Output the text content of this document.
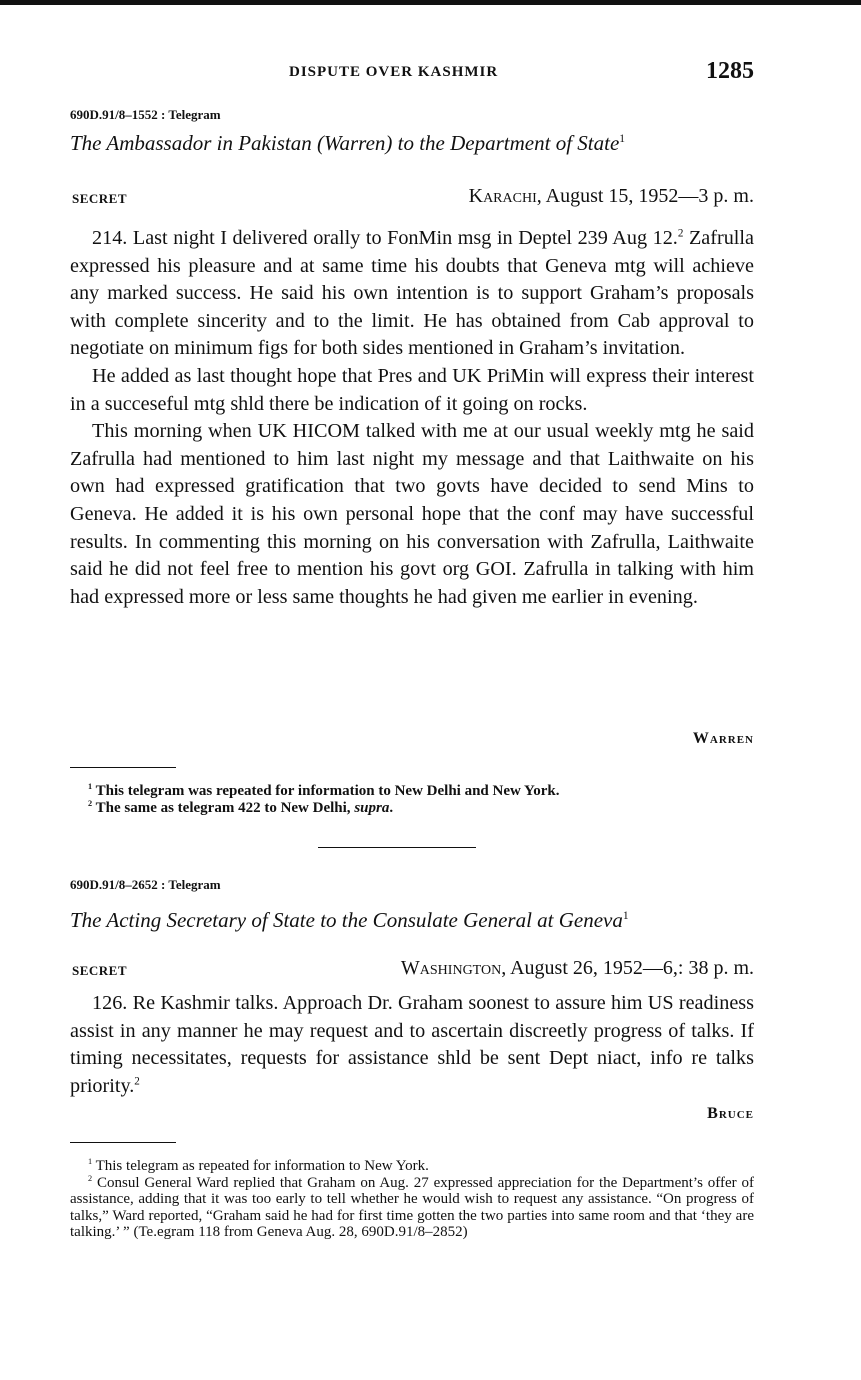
DISPUTE OVER KASHMIR	1285
690D.91/8–1552 : Telegram
The Ambassador in Pakistan (Warren) to the Department of State$^1$
SECRET	Karachi, August 15, 1952—3 p. m.

214. Last night I delivered orally to FonMin msg in Deptel 239 Aug 12.$^2$ Zafrulla expressed his pleasure and at same time his doubts that Geneva mtg will achieve any marked success. He said his own intention is to support Graham’s proposals with complete sincerity and to the limit. He has obtained from Cab approval to negotiate on minimum figs for both sides mentioned in Graham’s invitation.

He added as last thought hope that Pres and UK PriMin will express their interest in a succeseful mtg shld there be indication of it going on rocks.

This morning when UK HICOM talked with me at our usual weekly mtg he said Zafrulla had mentioned to him last night my message and that Laithwaite on his own had expressed gratification that two govts have decided to send Mins to Geneva. He added it is his own personal hope that the conf may have successful results. In commenting this morning on his conversation with Zafrulla, Laithwaite said he did not feel free to mention his govt org GOI. Zafrulla in talking with him had expressed more or less same thoughts he had given me earlier in evening.

Warren

$^1$ This telegram was repeated for information to New Delhi and New York.

$^2$ The same as telegram 422 to New Delhi, supra.

690D.91/8–2652 : Telegram
The Acting Secretary of State to the Consulate General at Geneva$^1$
SECRET	Washington, August 26, 1952—6,: 38 p. m.

126. Re Kashmir talks. Approach Dr. Graham soonest to assure him US readiness assist in any manner he may request and to ascertain discreetly progress of talks. If timing necessitates, requests for assistance shld be sent Dept niact, info re talks priority.$^2$

Bruce

$^1$ This telegram as repeated for information to New York.

$^2$ Consul General Ward replied that Graham on Aug. 27 expressed appreciation for the Department’s offer of assistance, adding that it was too early to tell whether he would wish to request any assistance. “On progress of talks,” Ward reported, “Graham said he had for first time gotten the two parties into same room and that ‘they are talking.’ ” (Te.egram 118 from Geneva Aug. 28, 690D.91/8–2852)
